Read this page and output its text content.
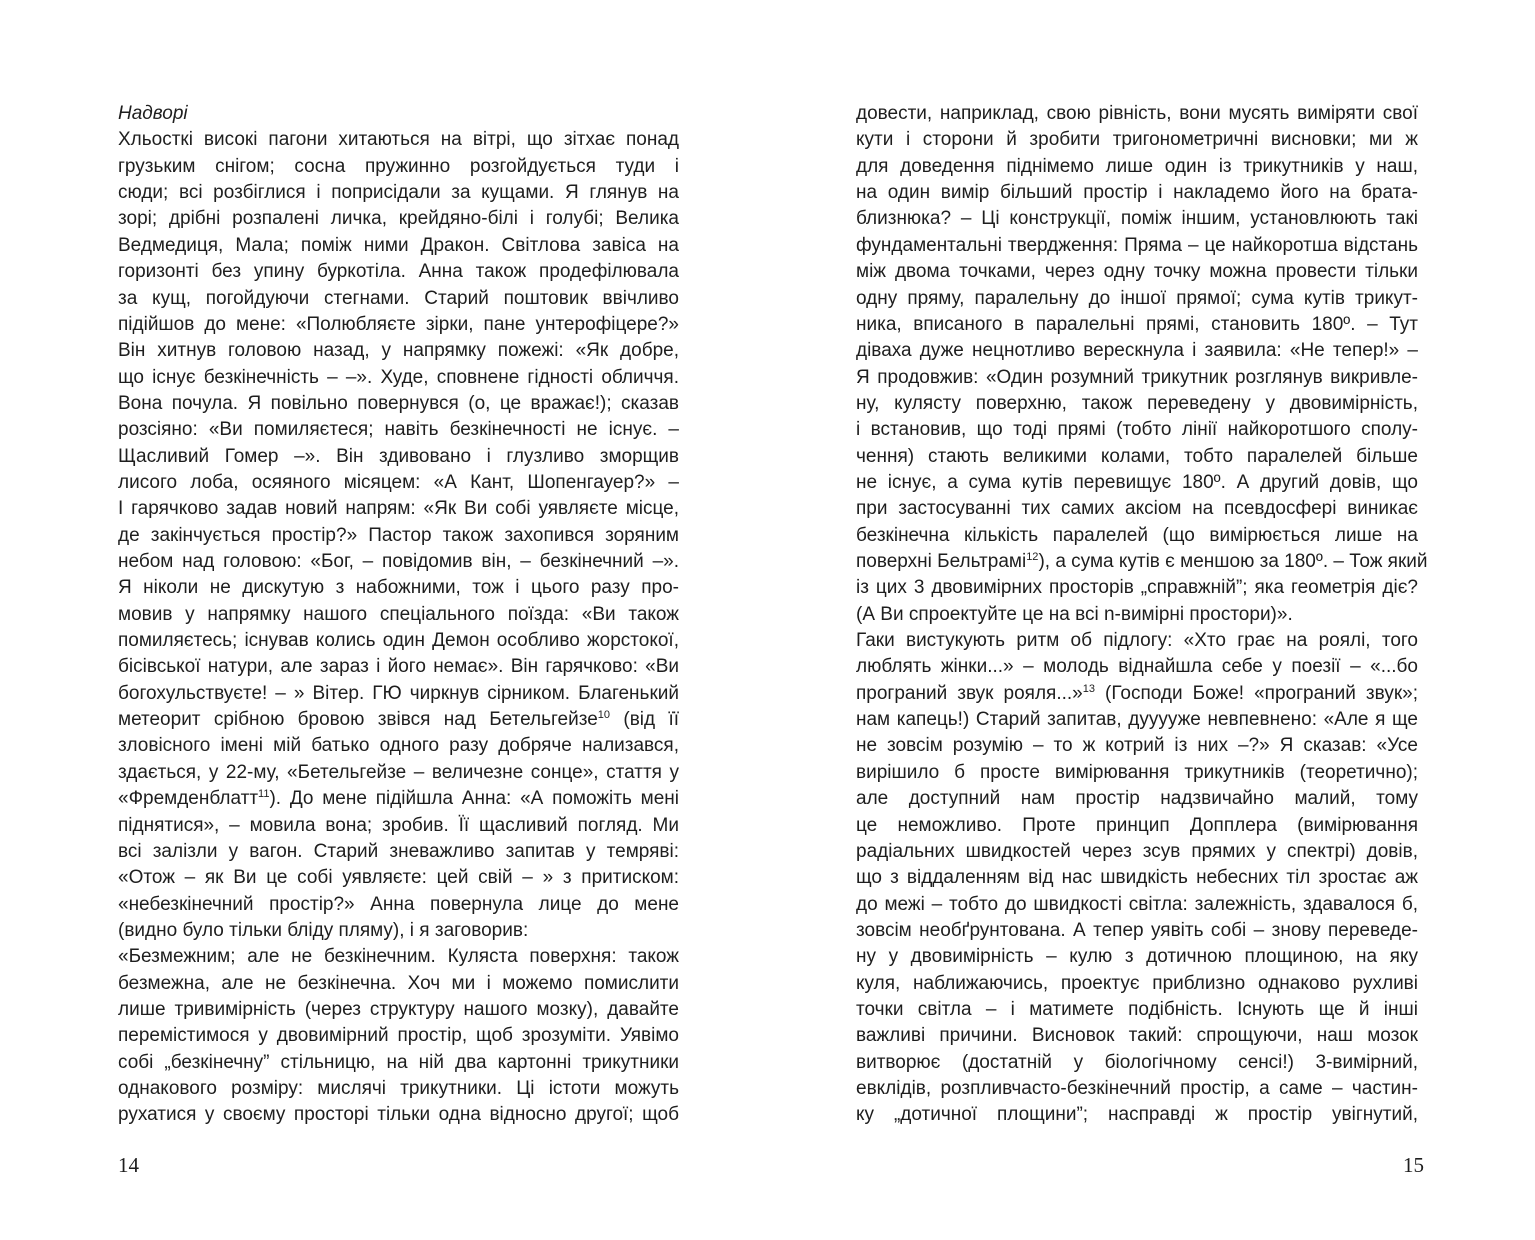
Надворі

Хльосткі високі пагони хитаються на вітрі, що зітхає понад

грузьким снігом; сосна пружинно розгойдується туди і

сюди; всі розбіглися і поприсідали за кущами. Я глянув на

зорі; дрібні розпалені личка, крейдяно-білі і голубі; Велика

Ведмедиця, Мала; поміж ними Дракон. Світлова завіса на

горизонті без упину буркотіла. Анна також продефілювала

за кущ, погойдуючи стегнами. Старий поштовик ввічливо

підійшов до мене: «Полюбляєте зірки, пане унтерофіцере?»

Він хитнув головою назад, у напрямку пожежі: «Як добре,

що існує безкінечність – –». Худе, сповнене гідності обличчя.

Вона почула. Я повільно повернувся (о, це вражає!); сказав

розсіяно: «Ви помиляєтеся; навіть безкінечності не існує. –

Щасливий Гомер –». Він здивовано і глузливо зморщив

лисого лоба, осяяного місяцем: «А Кант, Шопенгауер?» –

І гарячково задав новий напрям: «Як Ви собі уявляєте місце,

де закінчується простір?» Пастор також захопився зоряним

небом над головою: «Бог, – повідомив він, – безкінечний –».

Я ніколи не дискутую з набожними, тож і цього разу про-

мовив у напрямку нашого спеціального поїзда: «Ви також

помиляєтесь; існував колись один Демон особливо жорстокої,

бісівської натури, але зараз і його немає». Він гарячково: «Ви

богохульствуєте! – » Вітер. ГЮ чиркнув сірником. Благенький

метеорит срібною бровою звівся над Бетельгейзе$^{10}$ (від її

зловісного імені мій батько одного разу добряче нализався,

здається, у 22-му, «Бетельгейзе – величезне сонце», стаття у

«Фремденблатт$^{11}$). До мене підійшла Анна: «А поможіть мені

піднятися», – мовила вона; зробив. Її щасливий погляд. Ми

всі залізли у вагон. Старий зневажливо запитав у темряві:

«Отож – як Ви це собі уявляєте: цей свій – » з притиском:

«небезкінечний простір?» Анна повернула лице до мене

(видно було тільки бліду пляму), і я заговорив:

«Безмежним; але не безкінечним. Куляста поверхня: також

безмежна, але не безкінечна. Хоч ми і можемо помислити

лише тривимірність (через структуру нашого мозку), давайте

перемістимося у двовимірний простір, щоб зрозуміти. Уявімо

собі „безкінечну” стільницю, на ній два картонні трикутники

однакового розміру: мислячі трикутники. Ці істоти можуть

рухатися у своєму просторі тільки одна відносно другої; щоб

14

довести, наприклад, свою рівність, вони мусять виміряти свої

кути і сторони й зробити тригонометричні висновки; ми ж

для доведення піднімемо лише один із трикутників у наш,

на один вимір більший простір і накладемо його на брата-

близнюка? – Ці конструкції, поміж іншим, установлюють такі

фундаментальні твердження: Пряма – це найкоротша відстань

між двома точками, через одну точку можна провести тільки

одну пряму, паралельну до іншої прямої; сума кутів трикут-

ника, вписаного в паралельні прямі, становить 180º. – Тут

діваха дуже нецнотливо верескнула і заявила: «Не тепер!» –

Я продовжив: «Один розумний трикутник розглянув викривле-

ну, кулясту поверхню, також переведену у двовимірність,

і встановив, що тоді прямі (тобто лінії найкоротшого сполу-

чення) стають великими колами, тобто паралелей більше

не існує, а сума кутів перевищує 180º. А другий довів, що

при застосуванні тих самих аксіом на псевдосфері виникає

безкінечна кількість паралелей (що вимірюється лише на

поверхні Бельтрамі$^{12}$), а сума кутів є меншою за 180º. – Тож який

із цих 3 двовимірних просторів „справжній”; яка геометрія діє?

(А Ви спроектуйте це на всі n-вимірні простори)».

Гаки вистукують ритм об підлогу: «Хто грає на роялі, того

люблять жінки...» – молодь віднайшла себе у поезії – «...бо

програний звук рояля...»$^{13}$ (Господи Боже! «програний звук»;

нам капець!) Старий запитав, дууууже невпевнено: «Але я ще

не зовсім розумію – то ж котрий із них –?» Я сказав: «Усе

вирішило б просте вимірювання трикутників (теоретично);

але доступний нам простір надзвичайно малий, тому

це неможливо. Проте принцип Допплера (вимірювання

радіальних швидкостей через зсув прямих у спектрі) довів,

що з віддаленням від нас швидкість небесних тіл зростає аж

до межі – тобто до швидкості світла: залежність, здавалося б,

зовсім необґрунтована. А тепер уявіть собі – знову переведе-

ну у двовимірність – кулю з дотичною площиною, на яку

куля, наближаючись, проектує приблизно однаково рухливі

точки світла – і матимете подібність. Існують ще й інші

важливі причини. Висновок такий: спрощуючи, наш мозок

витворює (достатній у біологічному сенсі!) 3-вимірний,

евклідів, розпливчасто-безкінечний простір, а саме – частин-

ку „дотичної площини”; насправді ж простір увігнутий,

15
